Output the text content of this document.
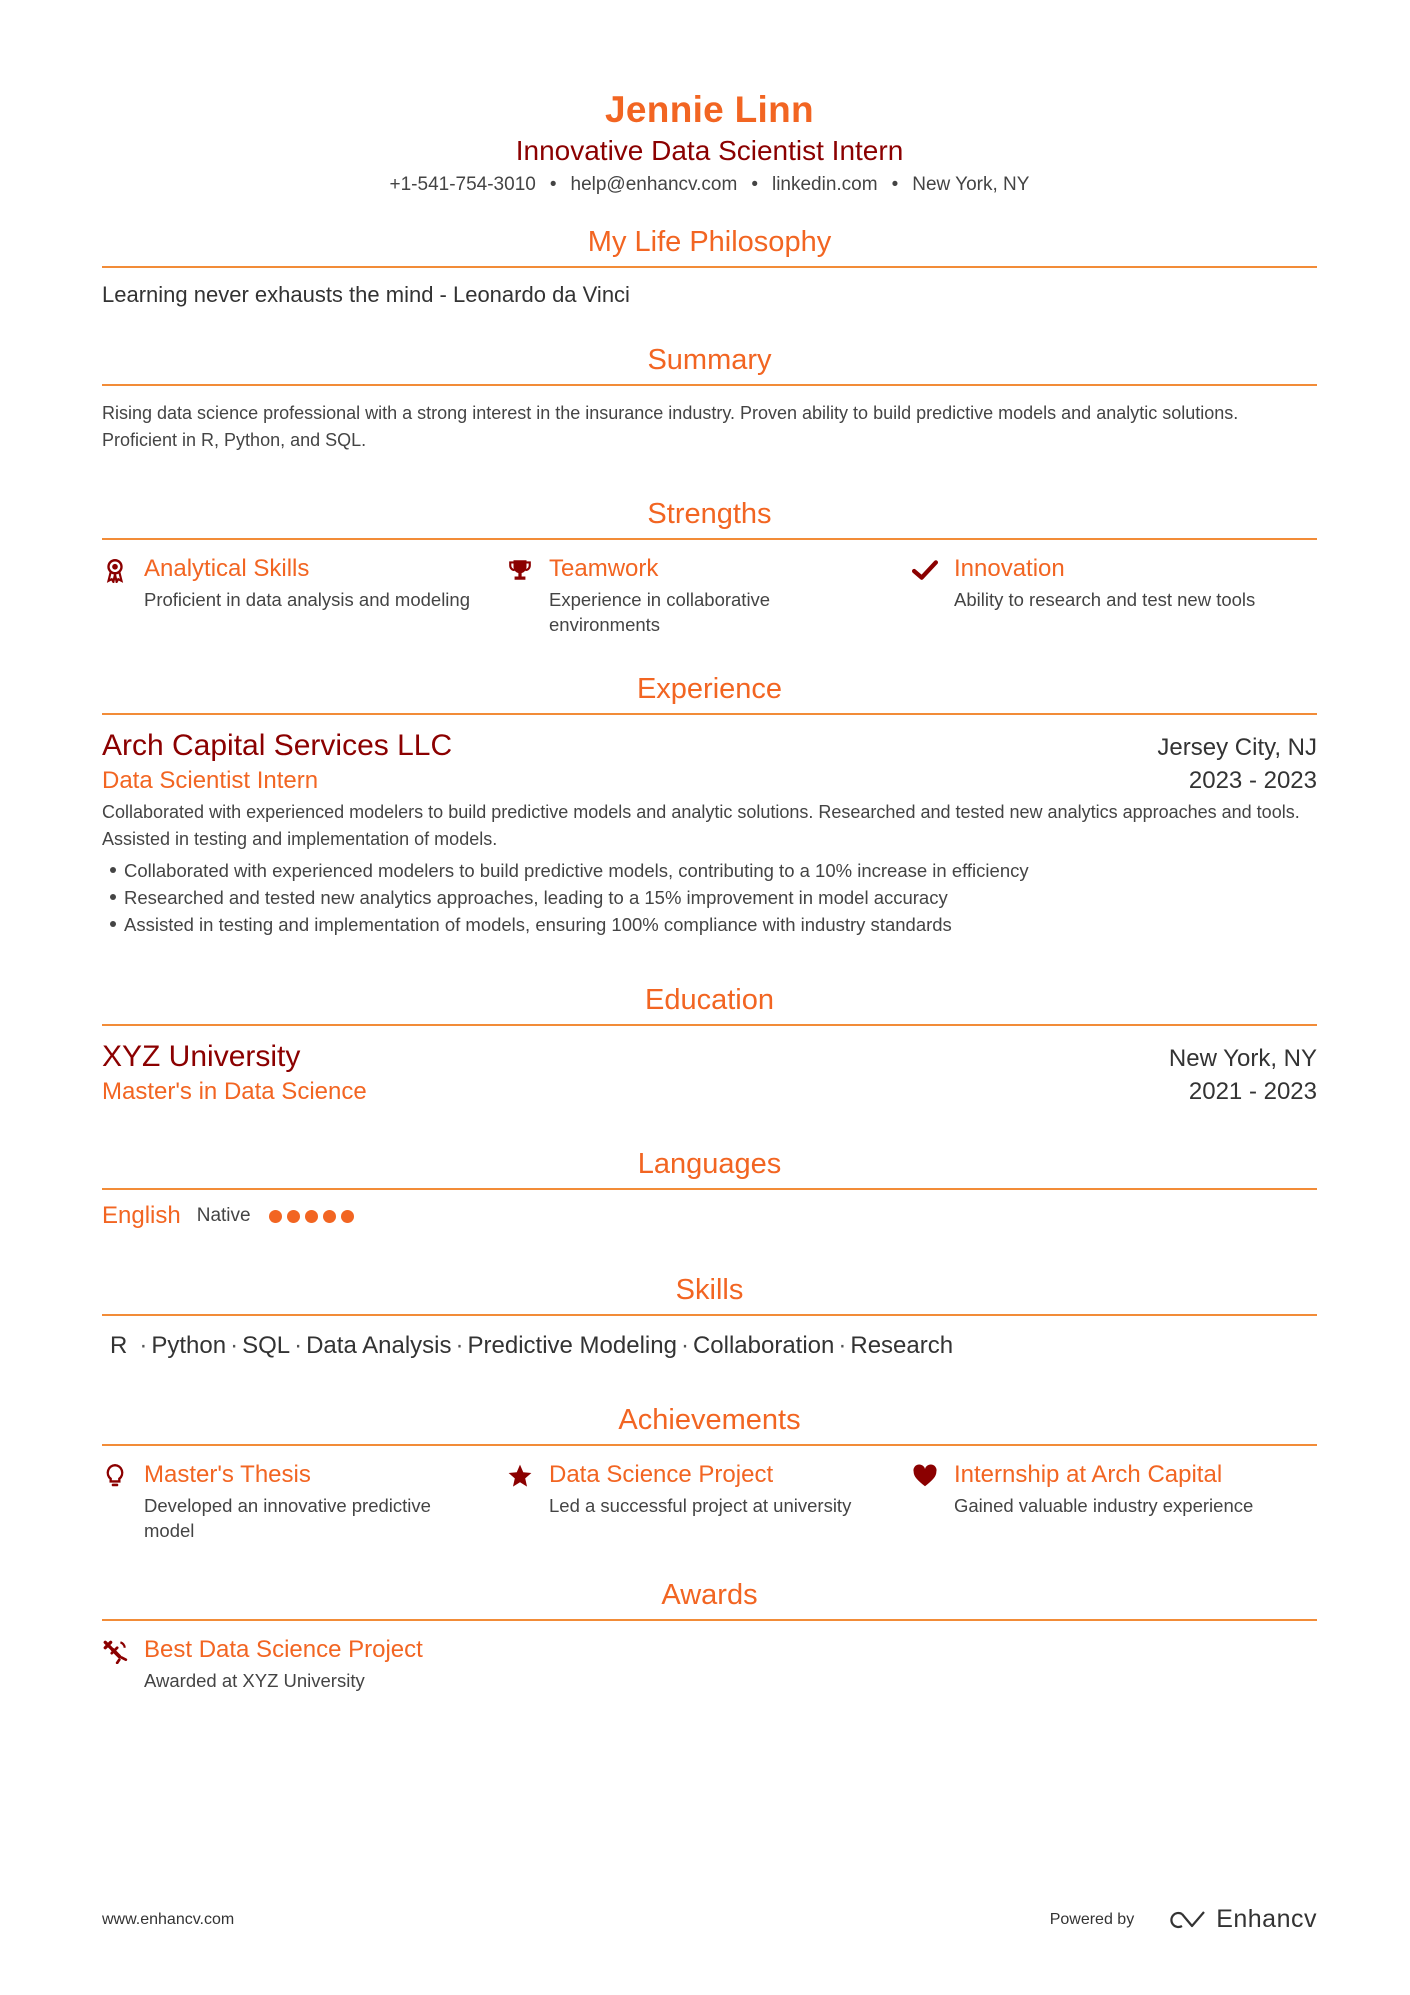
Jennie Linn
Innovative Data Scientist Intern
+1-541-754-3010 • help@enhancv.com • linkedin.com • New York, NY
My Life Philosophy
Learning never exhausts the mind - Leonardo da Vinci
Summary
Rising data science professional with a strong interest in the insurance industry. Proven ability to build predictive models and analytic solutions. Proficient in R, Python, and SQL.
Strengths
Analytical Skills
Proficient in data analysis and modeling
Teamwork
Experience in collaborative environments
Innovation
Ability to research and test new tools
Experience
Arch Capital Services LLC	Jersey City, NJ
Data Scientist Intern	2023 - 2023
Collaborated with experienced modelers to build predictive models and analytic solutions. Researched and tested new analytics approaches and tools. Assisted in testing and implementation of models.
Collaborated with experienced modelers to build predictive models, contributing to a 10% increase in efficiency
Researched and tested new analytics approaches, leading to a 15% improvement in model accuracy
Assisted in testing and implementation of models, ensuring 100% compliance with industry standards
Education
XYZ University	New York, NY
Master's in Data Science	2021 - 2023
Languages
English Native
Skills
R · Python · SQL · Data Analysis · Predictive Modeling · Collaboration · Research
Achievements
Master's Thesis
Developed an innovative predictive model
Data Science Project
Led a successful project at university
Internship at Arch Capital
Gained valuable industry experience
Awards
Best Data Science Project
Awarded at XYZ University
www.enhancv.com	Powered by	Enhancv
